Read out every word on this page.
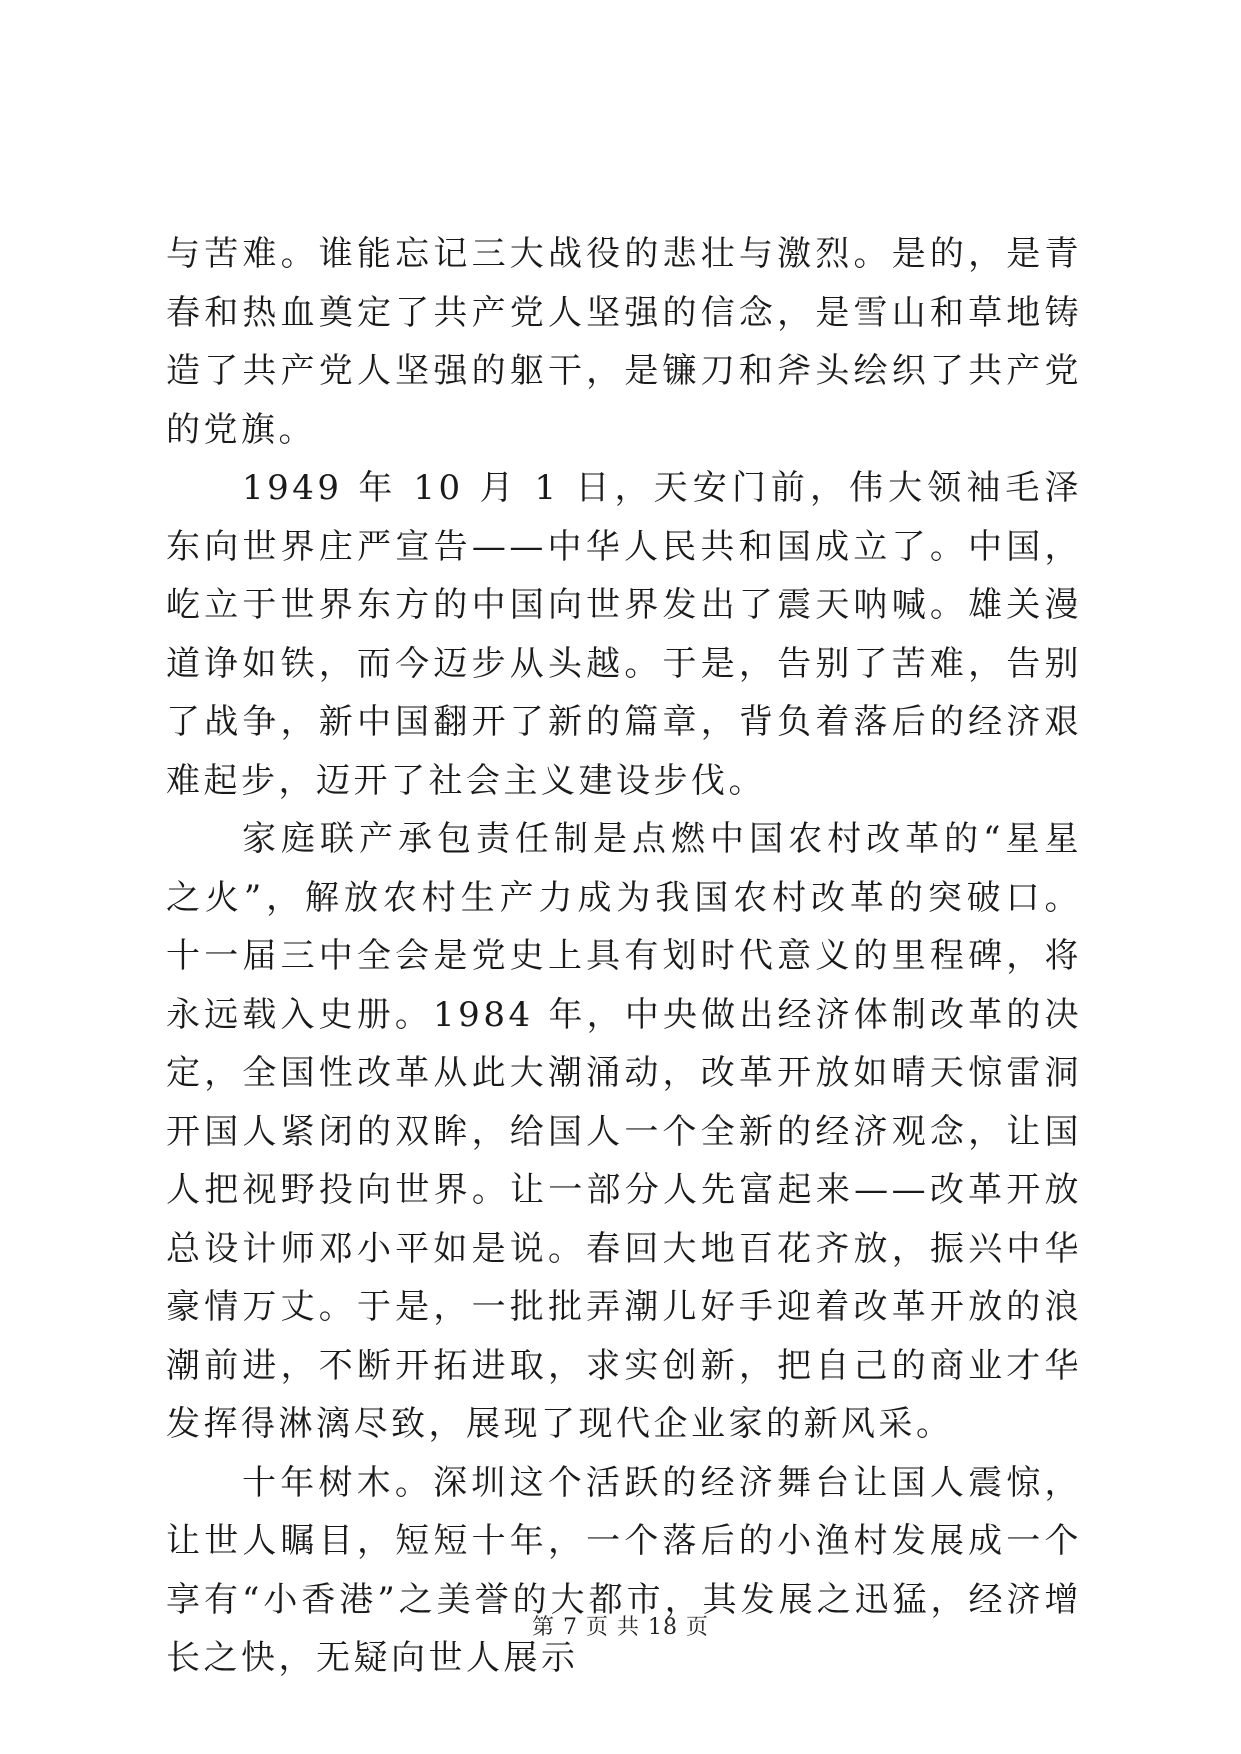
与苦难。谁能忘记三大战役的悲壮与激烈。是的，是青春和热血奠定了共产党人坚强的信念，是雪山和草地铸造了共产党人坚强的躯干，是镰刀和斧头绘织了共产党的党旗。

1949 年 10 月 1 日，天安门前，伟大领袖毛泽东向世界庄严宣告——中华人民共和国成立了。中国，屹立于世界东方的中国向世界发出了震天呐喊。雄关漫道诤如铁，而今迈步从头越。于是，告别了苦难，告别了战争，新中国翻开了新的篇章，背负着落后的经济艰难起步，迈开了社会主义建设步伐。

家庭联产承包责任制是点燃中国农村改革的“星星之火”，解放农村生产力成为我国农村改革的突破口。十一届三中全会是党史上具有划时代意义的里程碑，将永远载入史册。1984 年，中央做出经济体制改革的决定，全国性改革从此大潮涌动，改革开放如晴天惊雷洞开国人紧闭的双眸，给国人一个全新的经济观念，让国人把视野投向世界。让一部分人先富起来——改革开放总设计师邓小平如是说。春回大地百花齐放，振兴中华豪情万丈。于是，一批批弄潮儿好手迎着改革开放的浪潮前进，不断开拓进取，求实创新，把自己的商业才华发挥得淋漓尽致，展现了现代企业家的新风采。

十年树木。深圳这个活跃的经济舞台让国人震惊，让世人瞩目，短短十年，一个落后的小渔村发展成一个享有“小香港”之美誉的大都市，其发展之迅猛，经济增长之快，无疑向世人展示

第 7 页 共 18 页
